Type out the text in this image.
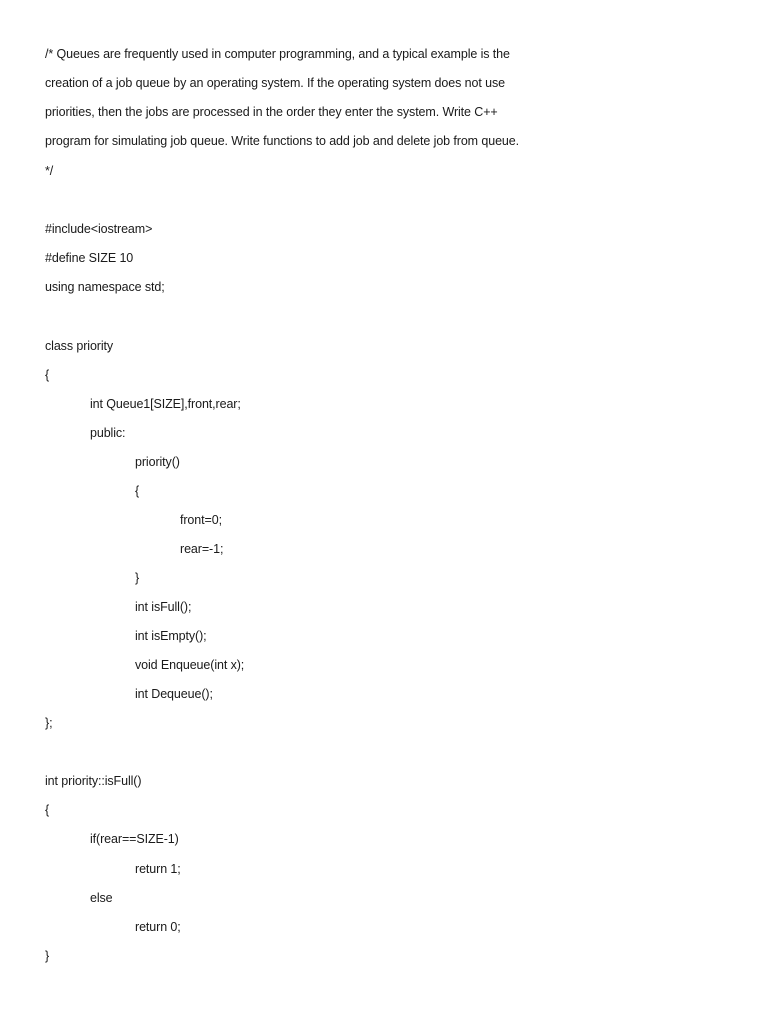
/* Queues are frequently used in computer programming, and a typical example is the
creation of a job queue by an operating system. If the operating system does not use
priorities, then the jobs are processed in the order they enter the system. Write C++
program for simulating job queue. Write functions to add job and delete job from queue.
*/
#include<iostream>
#define SIZE 10
using namespace std;
class priority
{
int Queue1[SIZE],front,rear;
public:
priority()
{
front=0;
rear=-1;
}
int isFull();
int isEmpty();
void Enqueue(int x);
int Dequeue();
};
int priority::isFull()
{
if(rear==SIZE-1)
return 1;
else
return 0;
}
